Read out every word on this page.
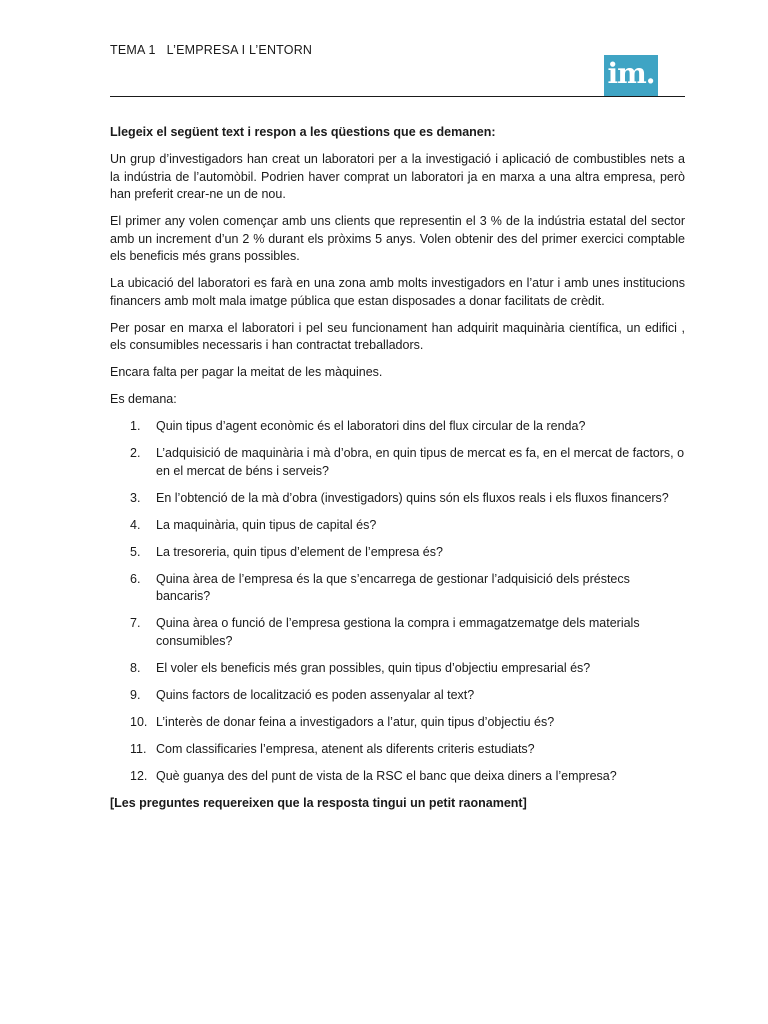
TEMA 1   L’EMPRESA I L’ENTORN
im.

Llegeix el següent text i respon a les qüestions que es demanen:

Un grup d’investigadors han creat un laboratori per a la investigació i aplicació de combustibles nets a la indústria de l’automòbil. Podrien haver comprat un laboratori ja en marxa a una altra empresa, però han preferit crear-ne un de nou.

El primer any volen començar amb uns clients que representin el 3 % de la indústria estatal del sector amb un increment d’un 2 % durant els pròxims 5 anys. Volen obtenir des del primer exercici comptable els beneficis més grans possibles.

La ubicació del laboratori es farà en una zona amb molts investigadors en l’atur i amb unes institucions financers amb molt mala imatge pública que estan disposades a donar facilitats de crèdit.

Per posar en marxa el laboratori i pel seu funcionament han adquirit maquinària científica, un edifici , els consumibles necessaris i han contractat treballadors.

Encara falta per pagar la meitat de les màquines.

Es demana:

1.	Quin tipus d’agent econòmic és el laboratori dins del flux circular de la renda?
2.	L’adquisició de maquinària i mà d’obra, en quin tipus de mercat es fa, en el mercat de factors, o en el mercat de béns i serveis?
3.	En l’obtenció de la mà d’obra (investigadors) quins són els fluxos reals i els fluxos financers?
4.	La maquinària, quin tipus de capital és?
5.	La tresoreria, quin tipus d’element de l’empresa és?
6.	Quina àrea de l’empresa és la que s’encarrega de gestionar l’adquisició dels préstecs bancaris?
7.	Quina àrea o funció de l’empresa gestiona la compra i emmagatzematge dels materials consumibles?
8.	El voler els beneficis més gran possibles, quin tipus d’objectiu empresarial és?
9.	Quins factors de localització es poden assenyalar al text?
10. L’interès de donar feina a investigadors a l’atur, quin tipus d’objectiu és?
11. Com classificaries l’empresa, atenent als diferents criteris estudiats?
12. Què guanya des del punt de vista de la RSC el banc que deixa diners a l’empresa?

[Les preguntes requereixen que la resposta tingui un petit raonament]
